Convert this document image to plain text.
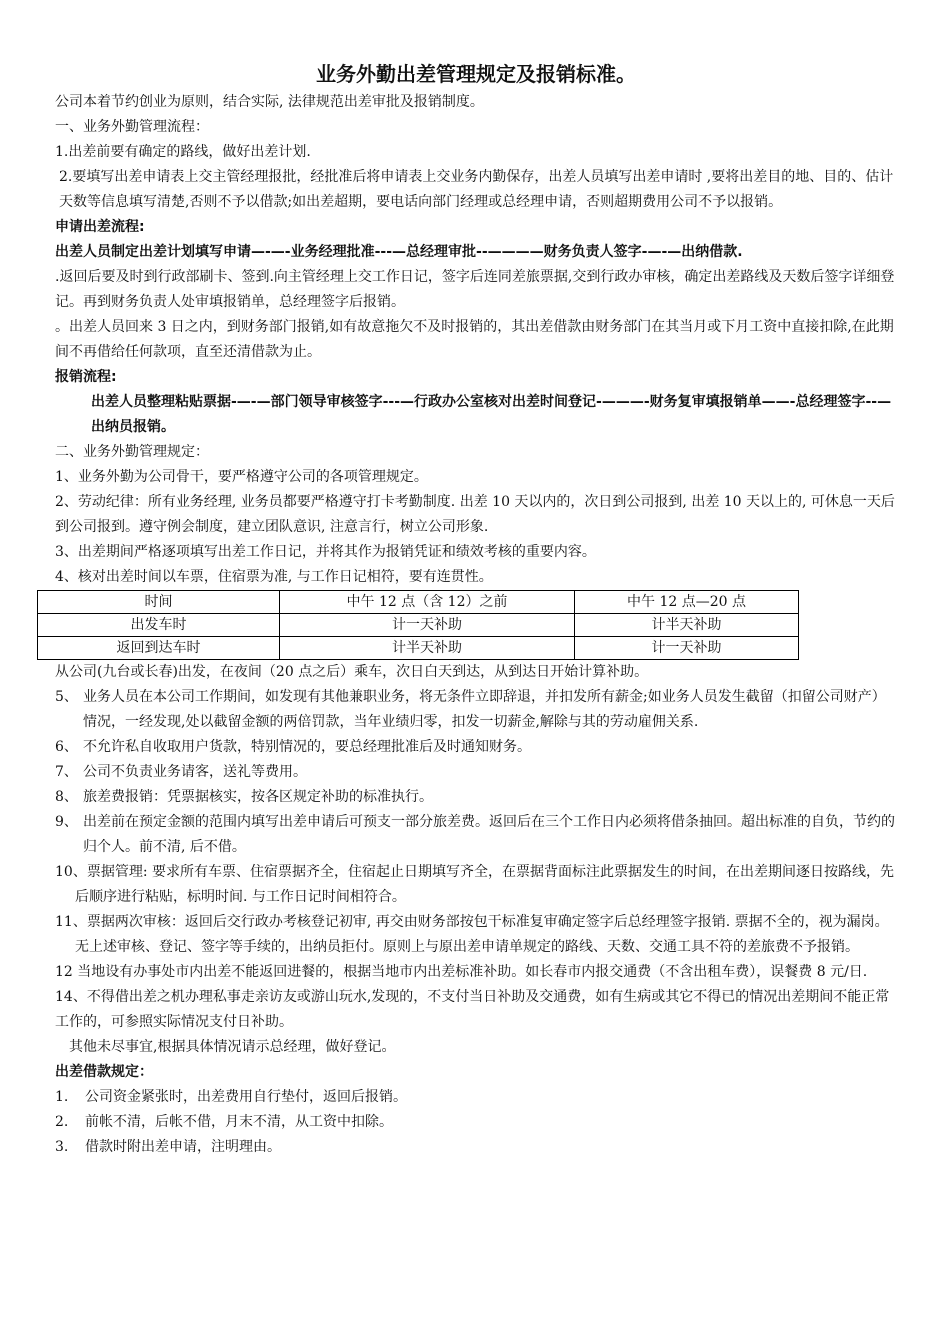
业务外勤出差管理规定及报销标准。

公司本着节约创业为原则，结合实际, 法律规范出差审批及报销制度。

一、业务外勤管理流程：

1.出差前要有确定的路线，做好出差计划.

2.要填写出差申请表上交主管经理报批，经批准后将申请表上交业务内勤保存，出差人员填写出差申请时 ,要将出差目的地、目的、估计天数等信息填写清楚,否则不予以借款;如出差超期，要电话向部门经理或总经理申请，否则超期费用公司不予以报销。

申请出差流程:

出差人员制定出差计划填写申请—-—-业务经理批准---—总经理审批--————财务负责人签字-—-—出纳借款.

.返回后要及时到行政部刷卡、签到.向主管经理上交工作日记，签字后连同差旅票据,交到行政办审核，确定出差路线及天数后签字详细登记。再到财务负责人处审填报销单，总经理签字后报销。

。出差人员回来 3 日之内，到财务部门报销,如有故意拖欠不及时报销的，其出差借款由财务部门在其当月或下月工资中直接扣除,在此期间不再借给任何款项，直至还清借款为止。

报销流程:

出差人员整理粘贴票据-—-—部门领导审核签字---—行政办公室核对出差时间登记-———-财务复审填报销单——-总经理签字--—出纳员报销。

二、业务外勤管理规定：

1、业务外勤为公司骨干，要严格遵守公司的各项管理规定。

2、劳动纪律：所有业务经理, 业务员都要严格遵守打卡考勤制度. 出差 10 天以内的，次日到公司报到, 出差 10 天以上的, 可休息一天后到公司报到。遵守例会制度，建立团队意识, 注意言行，树立公司形象.

3、出差期间严格逐项填写出差工作日记，并将其作为报销凭证和绩效考核的重要内容。

4、核对出差时间以车票，住宿票为准, 与工作日记相符，要有连贯性。

时间	中午 12 点（含 12）之前	中午 12 点—20 点
出发车时	计一天补助	计半天补助
返回到达车时	计半天补助	计一天补助

从公司(九台或长春)出发，在夜间（20 点之后）乘车，次日白天到达，从到达日开始计算补助。

5、 业务人员在本公司工作期间，如发现有其他兼职业务，将无条件立即辞退，并扣发所有薪金;如业务人员发生截留（扣留公司财产）情况，一经发现,处以截留金额的两倍罚款，当年业绩归零，扣发一切薪金,解除与其的劳动雇佣关系.
6、 不允许私自收取用户货款，特别情况的，要总经理批准后及时通知财务。
7、 公司不负责业务请客，送礼等费用。
8、 旅差费报销：凭票据核实，按各区规定补助的标准执行。
9、 出差前在预定金额的范围内填写出差申请后可预支一部分旅差费。返回后在三个工作日内必须将借条抽回。超出标准的自负，节约的归个人。前不清, 后不借。

10、票据管理: 要求所有车票、住宿票据齐全，住宿起止日期填写齐全，在票据背面标注此票据发生的时间，在出差期间逐日按路线，先后顺序进行粘贴，标明时间. 与工作日记时间相符合。

11、票据两次审核：返回后交行政办考核登记初审, 再交由财务部按包干标准复审确定签字后总经理签字报销. 票据不全的，视为漏岗。无上述审核、登记、签字等手续的，出纳员拒付。原则上与原出差申请单规定的路线、天数、交通工具不符的差旅费不予报销。

12 当地设有办事处市内出差不能返回进餐的，根据当地市内出差标准补助。如长春市内报交通费（不含出租车费），误餐费 8 元/日.

14、不得借出差之机办理私事走亲访友或游山玩水,发现的，不支付当日补助及交通费，如有生病或其它不得已的情况出差期间不能正常工作的，可参照实际情况支付日补助。

其他未尽事宜,根据具体情况请示总经理，做好登记。

出差借款规定：

1. 公司资金紧张时，出差费用自行垫付，返回后报销。
2. 前帐不清，后帐不借，月末不清，从工资中扣除。
3. 借款时附出差申请，注明理由。
